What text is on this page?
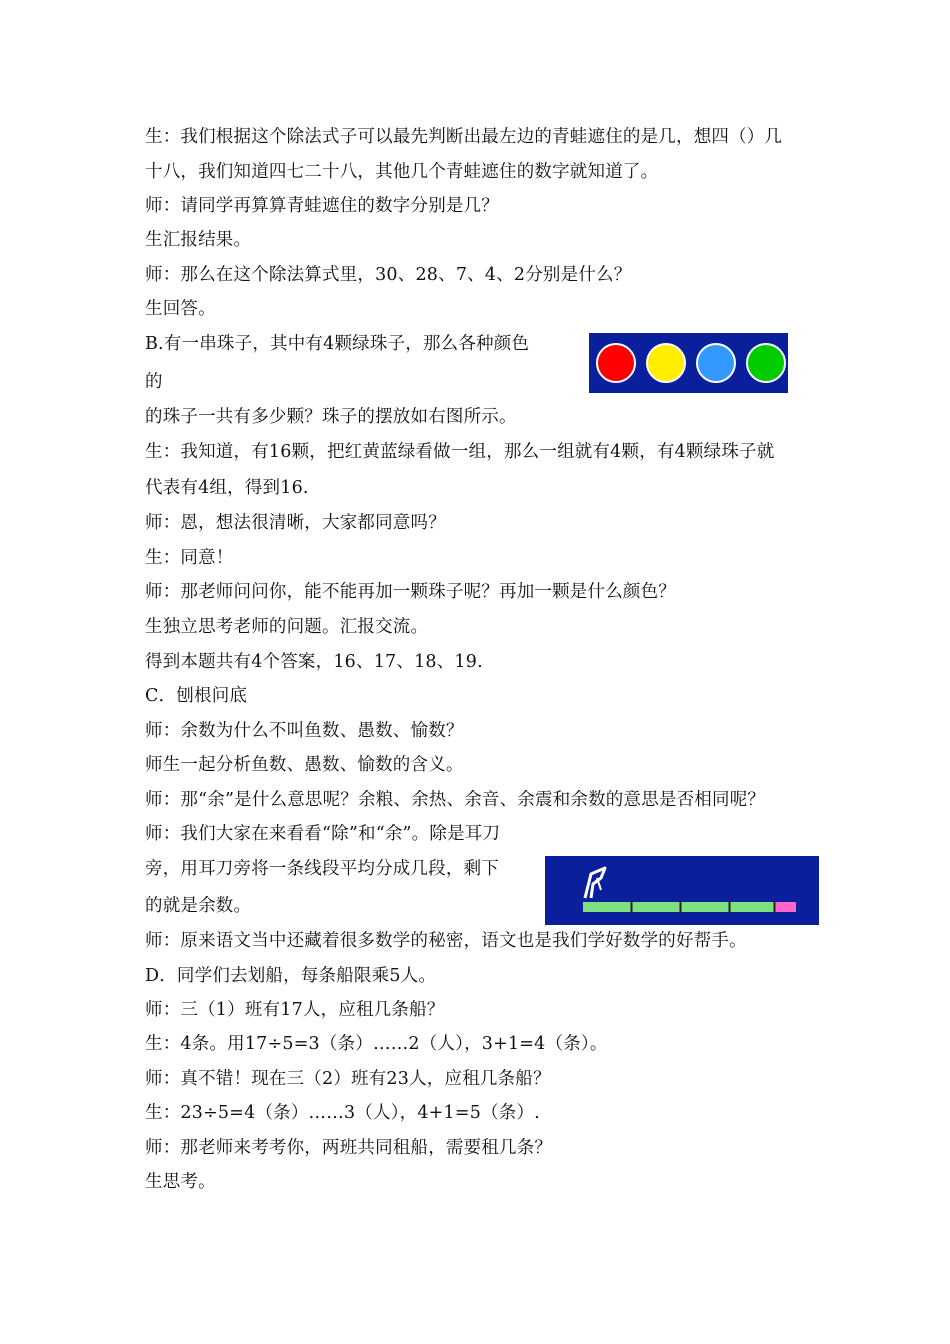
生：我们根据这个除法式子可以最先判断出最左边的青蛙遮住的是几，想四（）几
十八，我们知道四七二十八，其他几个青蛙遮住的数字就知道了。
师：请同学再算算青蛙遮住的数字分别是几？
生汇报结果。
师：那么在这个除法算式里，30、28、7、4、2分别是什么？
生回答。
B.有一串珠子，其中有4颗绿珠子，那么各种颜色
的
的珠子一共有多少颗？珠子的摆放如右图所示。
生：我知道，有16颗，把红黄蓝绿看做一组，那么一组就有4颗，有4颗绿珠子就
代表有4组，得到16.
师：恩，想法很清晰，大家都同意吗？
生：同意！
师：那老师问问你，能不能再加一颗珠子呢？再加一颗是什么颜色？
生独立思考老师的问题。汇报交流。
得到本题共有4个答案，16、17、18、19.
C．刨根问底
师：余数为什么不叫鱼数、愚数、愉数？
师生一起分析鱼数、愚数、愉数的含义。
师：那“余”是什么意思呢？余粮、余热、余音、余震和余数的意思是否相同呢？
师：我们大家在来看看“除”和“余”。除是耳刀
旁，用耳刀旁将一条线段平均分成几段，剩下
的就是余数。
师：原来语文当中还藏着很多数学的秘密，语文也是我们学好数学的好帮手。
D．同学们去划船，每条船限乘5人。
师：三（1）班有17人，应租几条船？
生：4条。用17÷5=3（条）……2（人），3+1=4（条）。
师：真不错！现在三（2）班有23人，应租几条船？
生：23÷5=4（条）……3（人），4+1=5（条）.
师：那老师来考考你，两班共同租船，需要租几条？
生思考。
